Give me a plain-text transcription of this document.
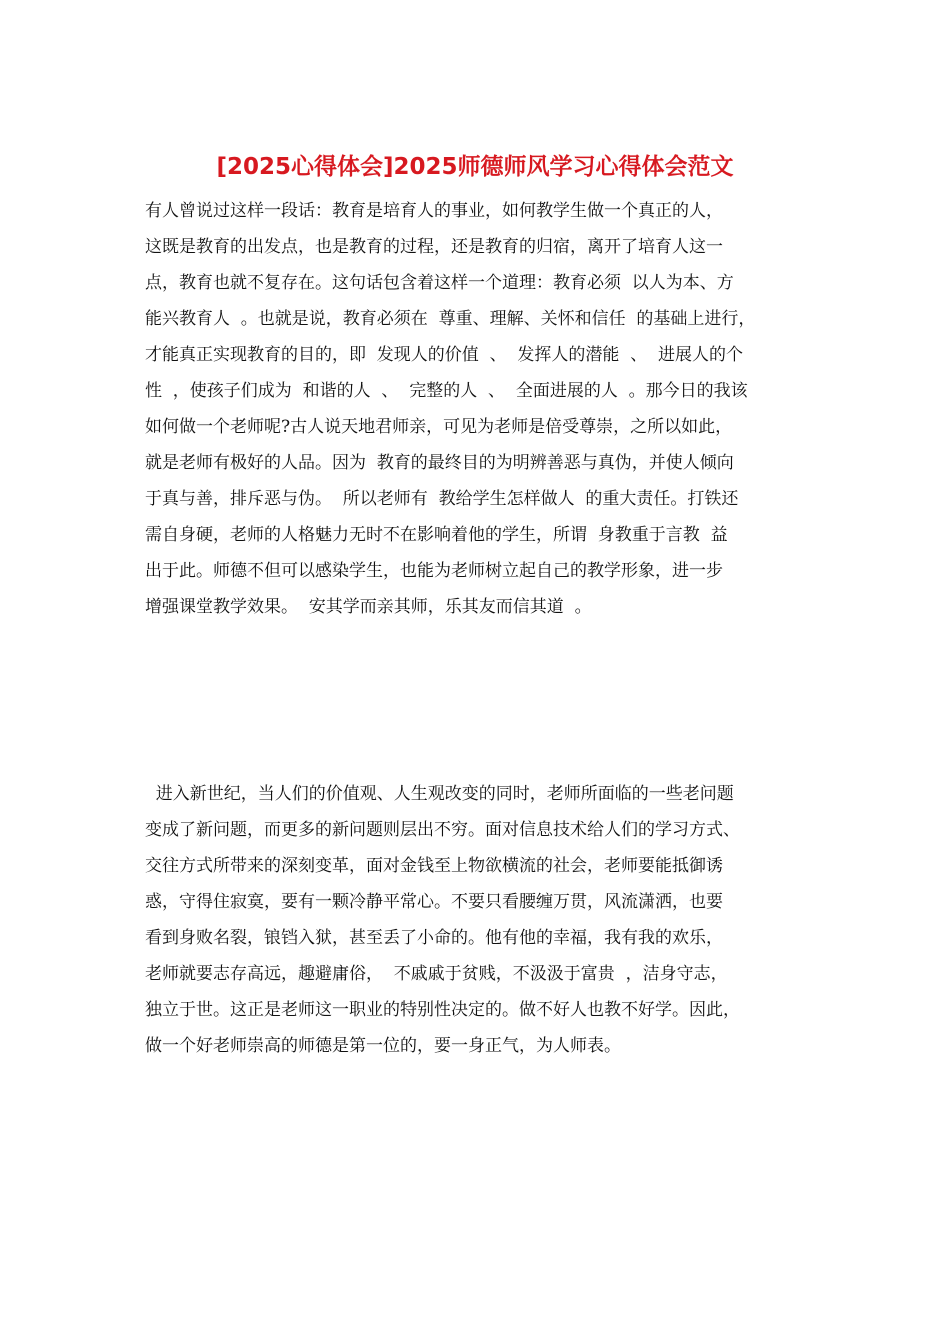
[2025心得体会]2025师德师风学习心得体会范文
有人曾说过这样一段话：教育是培育人的事业，如何教学生做一个真正的人，
这既是教育的出发点，也是教育的过程，还是教育的归宿，离开了培育人这一
点，教育也就不复存在。这句话包含着这样一个道理：教育必须  以人为本、方
能兴教育人  。也就是说，教育必须在  尊重、理解、关怀和信任  的基础上进行，
才能真正实现教育的目的，即  发现人的价值  、  发挥人的潜能  、  进展人的个
性  ，使孩子们成为  和谐的人  、  完整的人  、  全面进展的人  。那今日的我该
如何做一个老师呢?古人说天地君师亲，可见为老师是倍受尊崇，之所以如此，
就是老师有极好的人品。因为  教育的最终目的为明辨善恶与真伪，并使人倾向
于真与善，排斥恶与伪。  所以老师有  教给学生怎样做人  的重大责任。打铁还
需自身硬，老师的人格魅力无时不在影响着他的学生，所谓  身教重于言教  益
出于此。师德不但可以感染学生，也能为老师树立起自己的教学形象，进一步
增强课堂教学效果。  安其学而亲其师，乐其友而信其道  。
进入新世纪，当人们的价值观、人生观改变的同时，老师所面临的一些老问题
变成了新问题，而更多的新问题则层出不穷。面对信息技术给人们的学习方式、
交往方式所带来的深刻变革，面对金钱至上物欲横流的社会，老师要能抵御诱
惑，守得住寂寞，要有一颗冷静平常心。不要只看腰缠万贯，风流潇洒，也要
看到身败名裂，锒铛入狱，甚至丢了小命的。他有他的幸福，我有我的欢乐，
老师就要志存高远，趣避庸俗，  不戚戚于贫贱，不汲汲于富贵  ，洁身守志，
独立于世。这正是老师这一职业的特别性决定的。做不好人也教不好学。因此，
做一个好老师崇高的师德是第一位的，要一身正气，为人师表。
